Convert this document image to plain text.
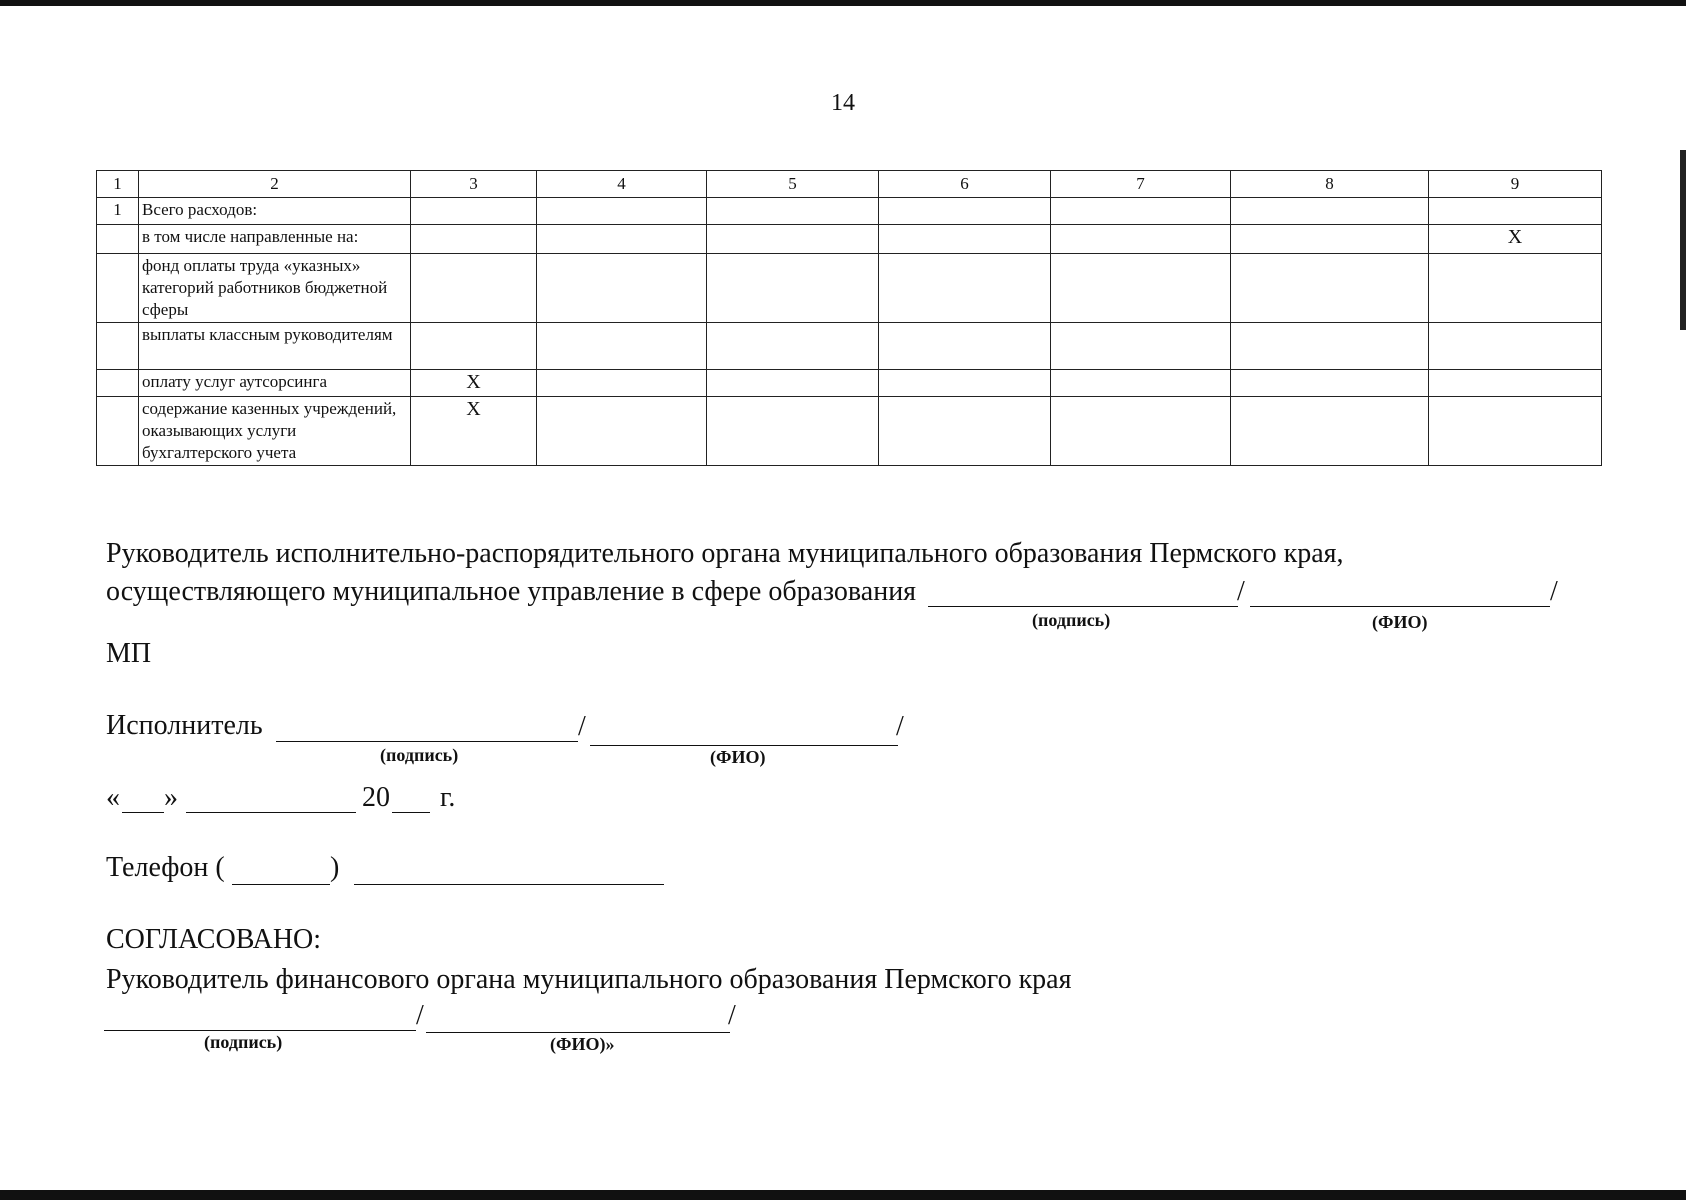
14
1	2	3	4	5	6	7	8	9
1	Всего расходов:							
	в том числе направленные на:							X
	фонд оплаты труда «указных» категорий работников бюджетной сферы							
	выплаты классным руководителям							
	оплату услуг аутсорсинга	X						
	содержание казенных учреждений, оказывающих услуги бухгалтерского учета	X						
Руководитель исполнительно-распорядительного органа муниципального образования Пермского края,
осуществляющего муниципальное управление в сфере образования	/	/
(подпись)	(ФИО)
МП
Исполнитель	/	/
(подпись)	(ФИО)
« »	20 г.
Телефон (	)
СОГЛАСОВАНО:
Руководитель финансового органа муниципального образования Пермского края
/	/
(подпись)	(ФИО)»
